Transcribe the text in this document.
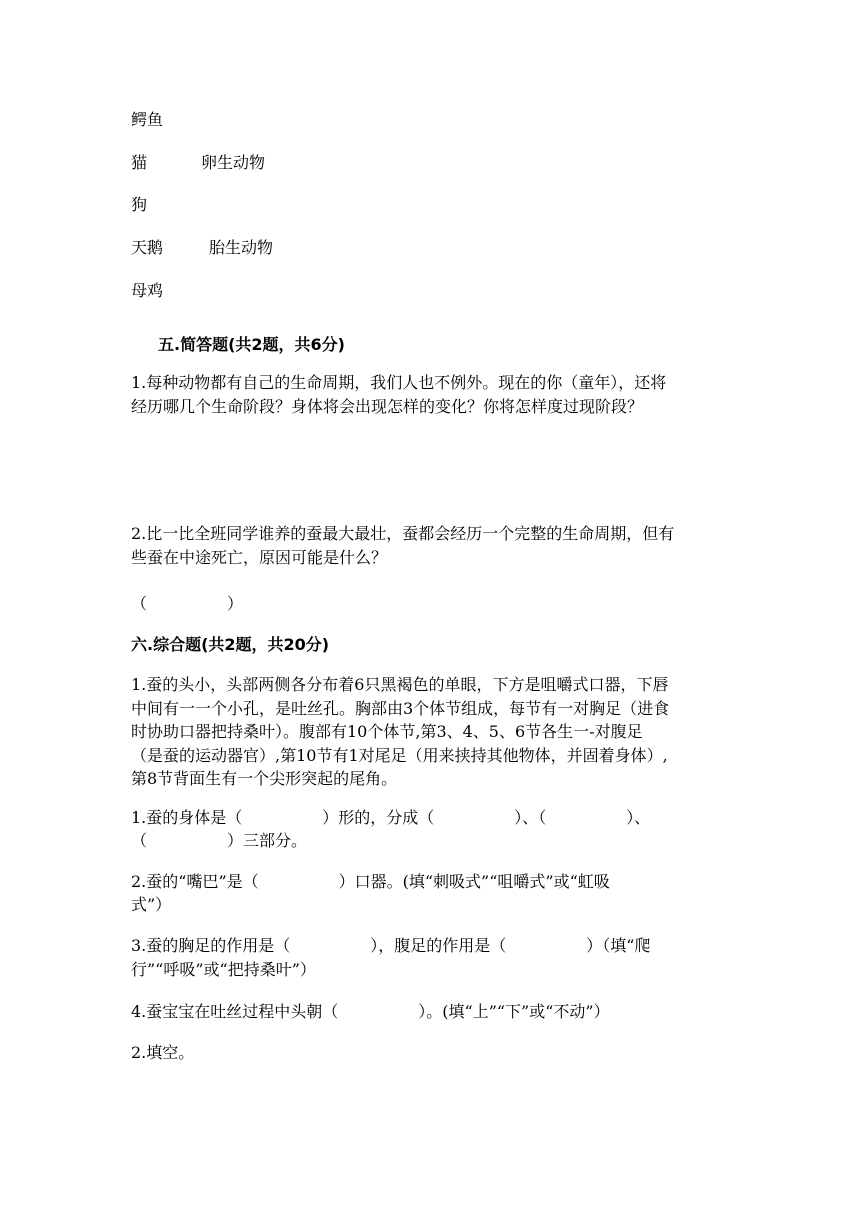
鳄鱼
猫	卵生动物
狗
天鹅	胎生动物
母鸡
五.简答题(共2题，共6分)
1.每种动物都有自己的生命周期，我们人也不例外。现在的你（童年），还将
经历哪几个生命阶段？身体将会出现怎样的变化？你将怎样度过现阶段？
2.比一比全班同学谁养的蚕最大最壮，蚕都会经历一个完整的生命周期，但有
些蚕在中途死亡，原因可能是什么？
（　　　　　）
六.综合题(共2题，共20分)
1.蚕的头小，头部两侧各分布着6只黑褐色的单眼，下方是咀嚼式口器，下唇
中间有一一个小孔，是吐丝孔。胸部由3个体节组成，每节有一对胸足（进食
时协助口器把持桑叶）。腹部有10个体节,第3、4、5、6节各生一-对腹足
（是蚕的运动器官）,第10节有1对尾足（用来挟持其他物体，并固着身体）,
第8节背面生有一个尖形突起的尾角。
1.蚕的身体是（　　　　　）形的，分成（　　　　　）、（　　　　　）、
（　　　　　）三部分。
2.蚕的“嘴巴”是（　　　　　）口器。(填“刺吸式”“咀嚼式”或“虹吸
式”）
3.蚕的胸足的作用是（　　　　　），腹足的作用是（　　　　　）（填“爬
行”“呼吸”或“把持桑叶”）
4.蚕宝宝在吐丝过程中头朝（　　　　　）。(填“上”“下”或“不动”）
2.填空。
